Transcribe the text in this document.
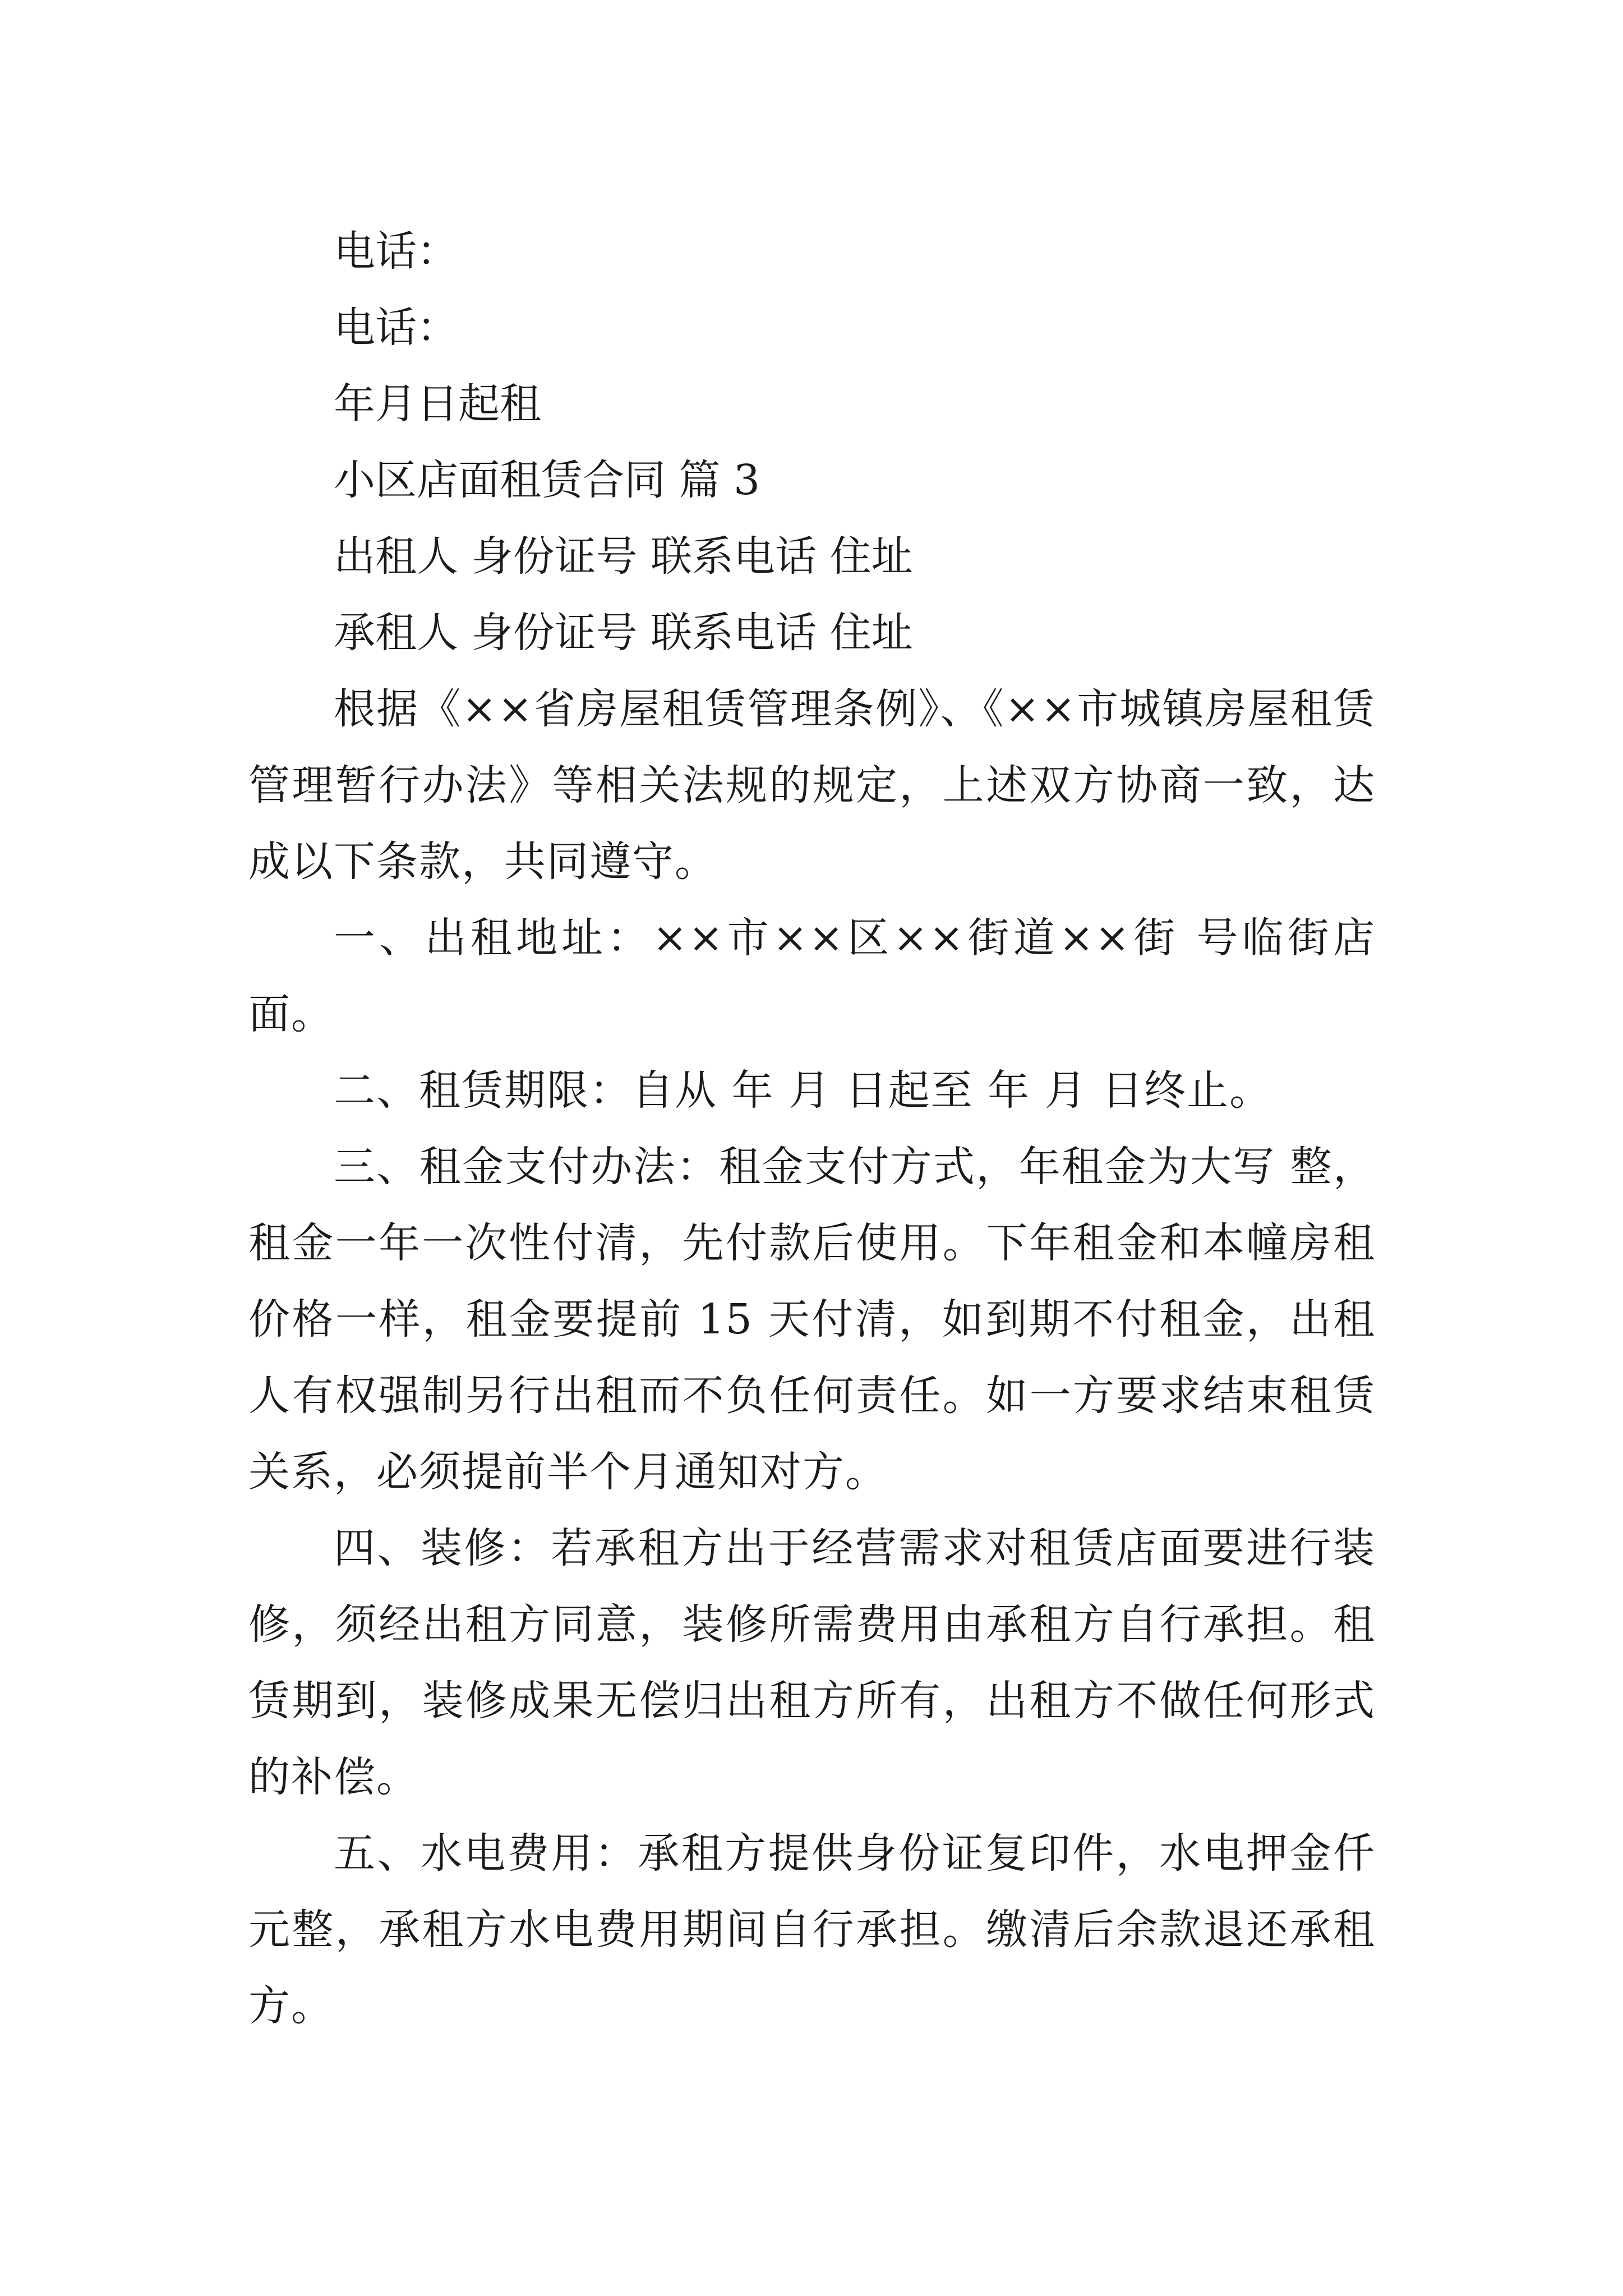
电话：

电话：

年月日起租

小区店面租赁合同 篇 3

出租人 身份证号 联系电话 住址

承租人 身份证号 联系电话 住址

根据《××省房屋租赁管理条例》、《××市城镇房屋租赁管理暂行办法》等相关法规的规定，上述双方协商一致，达成以下条款，共同遵守。

一、出租地址：××市××区××街道××街 号临街店面。

二、租赁期限：自从 年 月 日起至 年 月 日终止。

三、租金支付办法：租金支付方式，年租金为大写 整，租金一年一次性付清，先付款后使用。下年租金和本幢房租价格一样，租金要提前 15 天付清，如到期不付租金，出租人有权强制另行出租而不负任何责任。如一方要求结束租赁关系，必须提前半个月通知对方。

四、装修：若承租方出于经营需求对租赁店面要进行装修，须经出租方同意，装修所需费用由承租方自行承担。租赁期到，装修成果无偿归出租方所有，出租方不做任何形式的补偿。

五、水电费用：承租方提供身份证复印件，水电押金仟元整，承租方水电费用期间自行承担。缴清后余款退还承租方。
